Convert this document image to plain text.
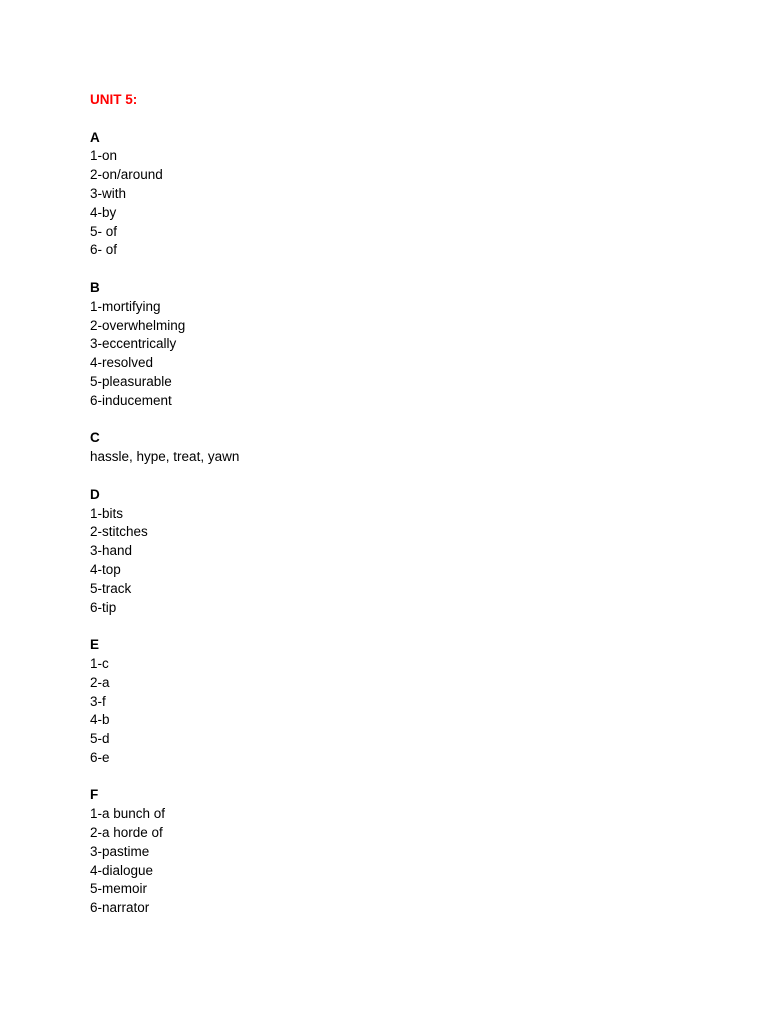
UNIT 5:
A
1-on
2-on/around
3-with
4-by
5- of
6- of
B
1-mortifying
2-overwhelming
3-eccentrically
4-resolved
5-pleasurable
6-inducement
C
hassle, hype, treat, yawn
D
1-bits
2-stitches
3-hand
4-top
5-track
6-tip
E
1-c
2-a
3-f
4-b
5-d
6-e
F
1-a bunch of
2-a horde of
3-pastime
4-dialogue
5-memoir
6-narrator
